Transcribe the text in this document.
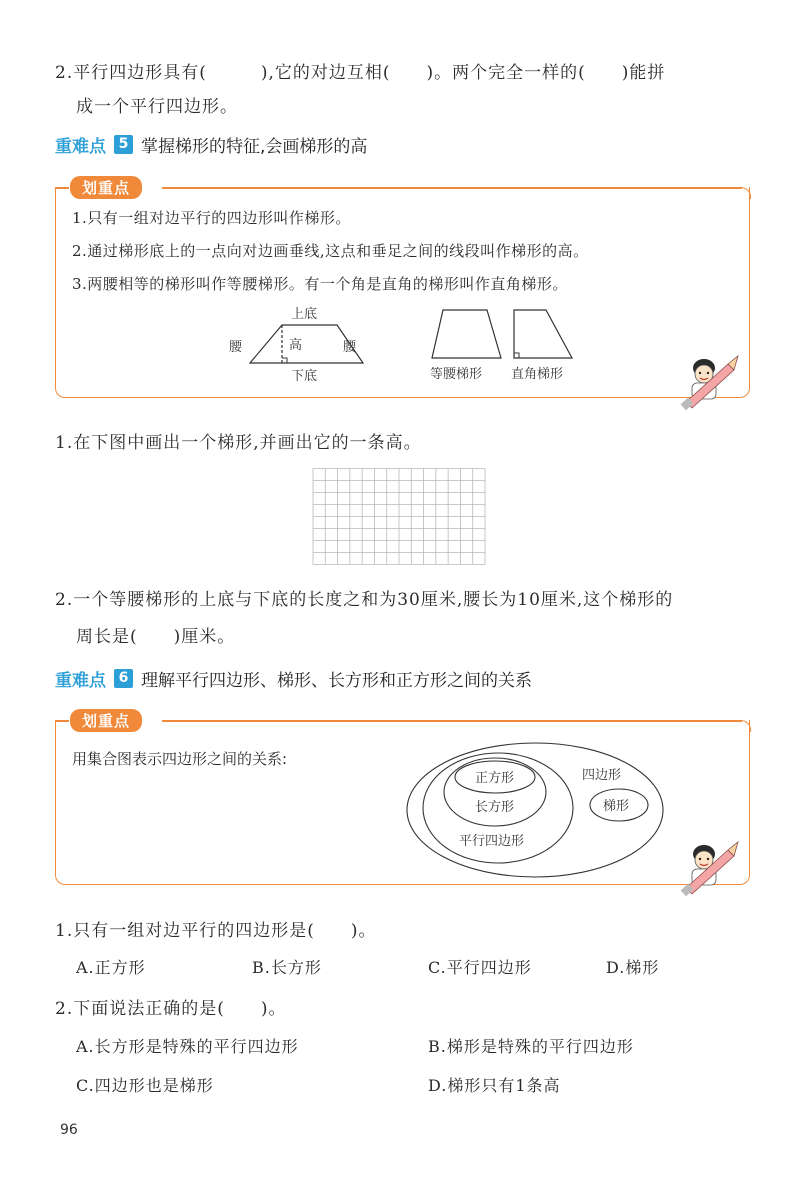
2.平行四边形具有(　　　),它的对边互相(　　)。两个完全一样的(　　)能拼
成一个平行四边形。
重难点 5 掌握梯形的特征,会画梯形的高
划重点
1.只有一组对边平行的四边形叫作梯形。
2.通过梯形底上的一点向对边画垂线,这点和垂足之间的线段叫作梯形的高。
3.两腰相等的梯形叫作等腰梯形。有一个角是直角的梯形叫作直角梯形。
上底
高
腰	腰
下底	等腰梯形 直角梯形
1.在下图中画出一个梯形,并画出它的一条高。
2.一个等腰梯形的上底与下底的长度之和为30厘米,腰长为10厘米,这个梯形的
周长是(　　)厘米。
重难点 6 理解平行四边形、梯形、长方形和正方形之间的关系
划重点
用集合图表示四边形之间的关系:
正方形
长方形
平行四边形
四边形
梯形
1.只有一组对边平行的四边形是(　　)。
A.正方形	B.长方形	C.平行四边形	D.梯形
2.下面说法正确的是(　　)。
A.长方形是特殊的平行四边形	B.梯形是特殊的平行四边形
C.四边形也是梯形	D.梯形只有1条高
96
